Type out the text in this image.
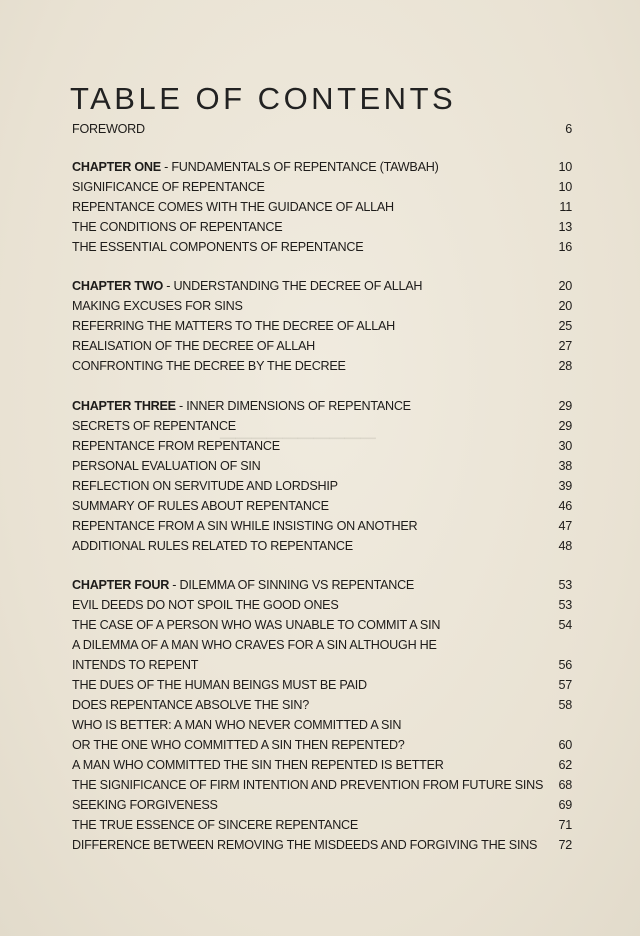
──────────
TABLE OF CONTENTS
FOREWORD	6
CHAPTER ONE - FUNDAMENTALS OF REPENTANCE (TAWBAH)	10
SIGNIFICANCE OF REPENTANCE	10
REPENTANCE COMES WITH THE GUIDANCE OF ALLAH	11
THE CONDITIONS OF REPENTANCE	13
THE ESSENTIAL COMPONENTS OF REPENTANCE	16
CHAPTER TWO - UNDERSTANDING THE DECREE OF ALLAH	20
MAKING EXCUSES FOR SINS	20
REFERRING THE MATTERS TO THE DECREE OF ALLAH	25
REALISATION OF THE DECREE OF ALLAH	27
CONFRONTING THE DECREE BY THE DECREE	28
CHAPTER THREE - INNER DIMENSIONS OF REPENTANCE	29
SECRETS OF REPENTANCE	29
REPENTANCE FROM REPENTANCE	30
PERSONAL EVALUATION OF SIN	38
REFLECTION ON SERVITUDE AND LORDSHIP	39
SUMMARY OF RULES ABOUT REPENTANCE	46
REPENTANCE FROM A SIN WHILE INSISTING ON ANOTHER	47
ADDITIONAL RULES RELATED TO REPENTANCE	48
CHAPTER FOUR - DILEMMA OF SINNING VS REPENTANCE	53
EVIL DEEDS DO NOT SPOIL THE GOOD ONES	53
THE CASE OF A PERSON WHO WAS UNABLE TO COMMIT A SIN	54
A DILEMMA OF A MAN WHO CRAVES FOR A SIN ALTHOUGH HE
INTENDS TO REPENT	56
THE DUES OF THE HUMAN BEINGS MUST BE PAID	57
DOES REPENTANCE ABSOLVE THE SIN?	58
WHO IS BETTER: A MAN WHO NEVER COMMITTED A SIN
OR THE ONE WHO COMMITTED A SIN THEN REPENTED?	60
A MAN WHO COMMITTED THE SIN THEN REPENTED IS BETTER	62
THE SIGNIFICANCE OF FIRM INTENTION AND PREVENTION FROM FUTURE SINS	68
SEEKING FORGIVENESS	69
THE TRUE ESSENCE OF SINCERE REPENTANCE	71
DIFFERENCE BETWEEN REMOVING THE MISDEEDS AND FORGIVING THE SINS	72
